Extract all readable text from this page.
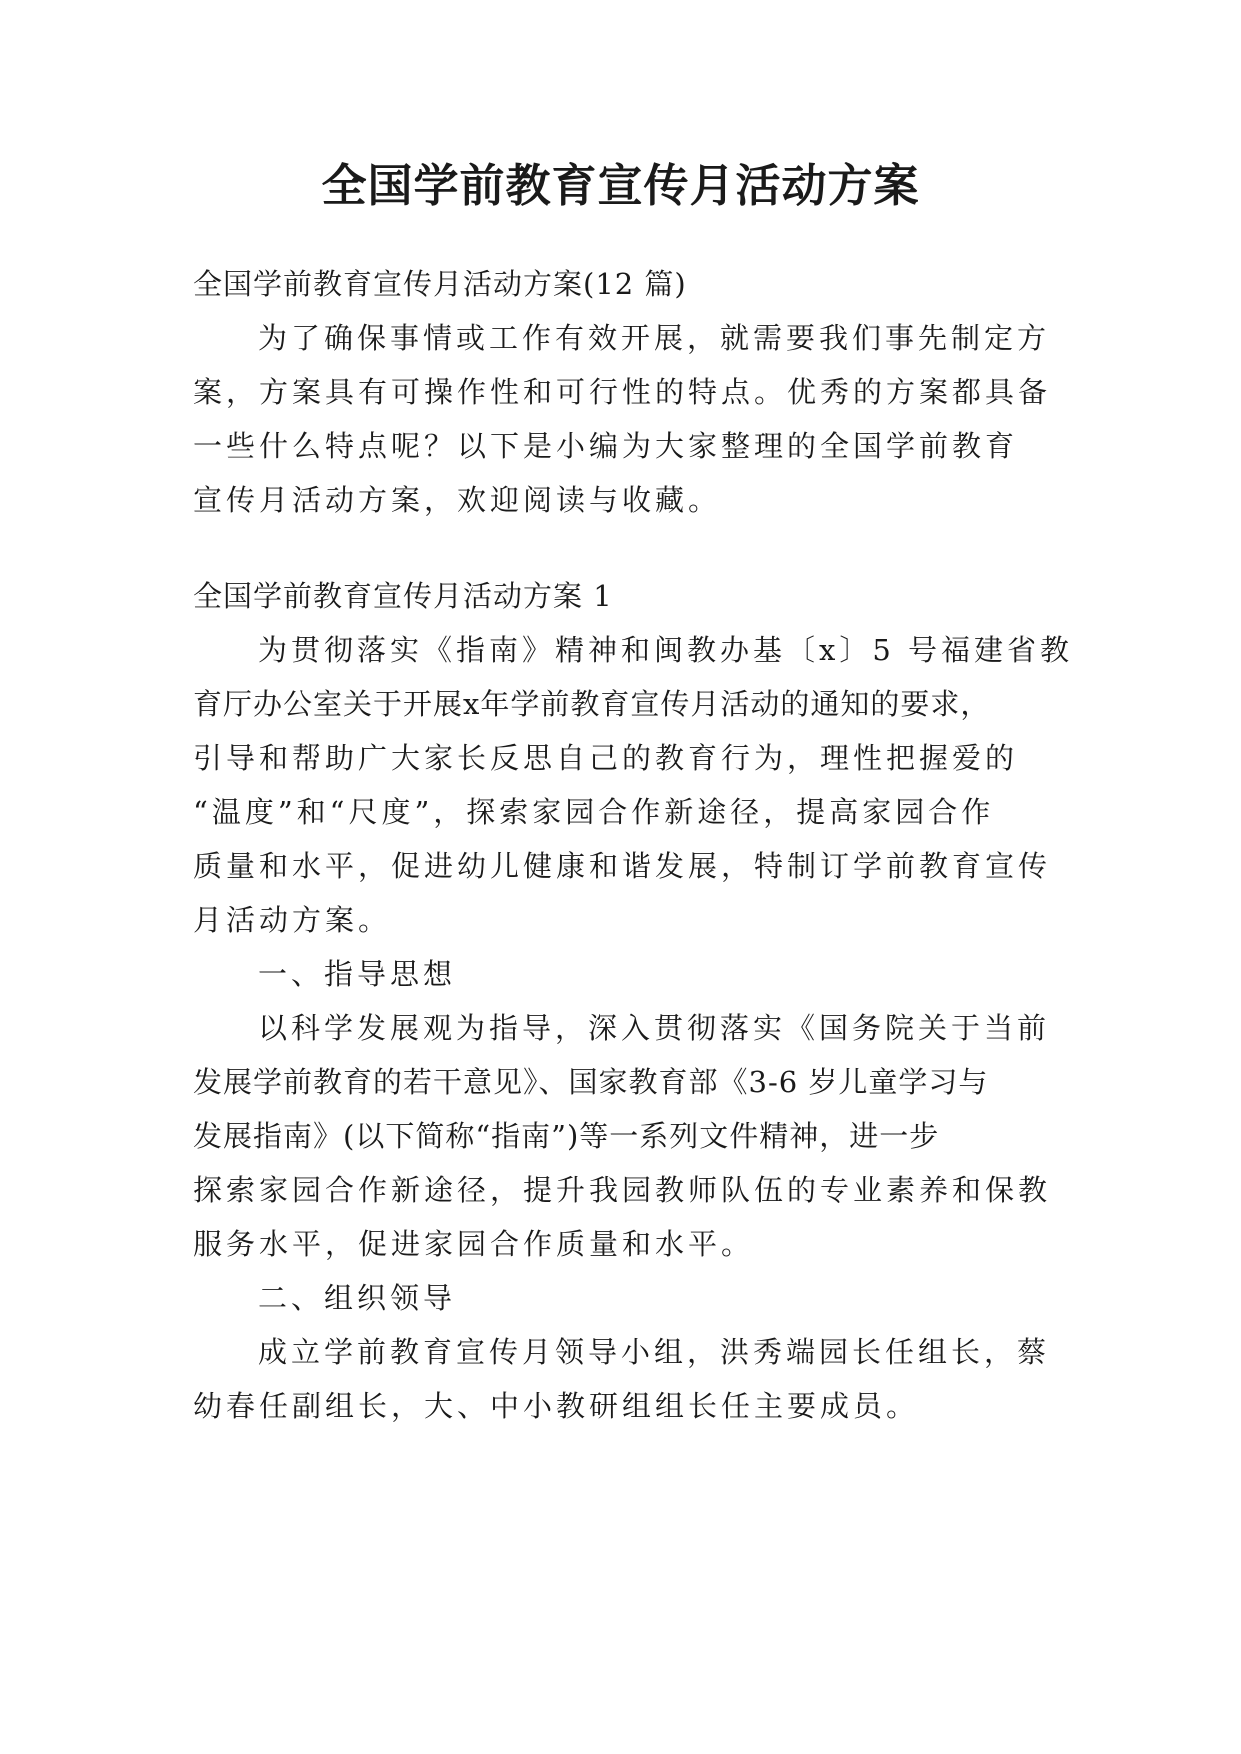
全国学前教育宣传月活动方案
全国学前教育宣传月活动方案(12 篇)
为了确保事情或工作有效开展，就需要我们事先制定方
案，方案具有可操作性和可行性的特点。优秀的方案都具备
一些什么特点呢？以下是小编为大家整理的全国学前教育
宣传月活动方案，欢迎阅读与收藏。
全国学前教育宣传月活动方案 1
为贯彻落实《指南》精神和闽教办基〔x〕5 号福建省教
育厅办公室关于开展x年学前教育宣传月活动的通知的要求，
引导和帮助广大家长反思自己的教育行为，理性把握爱的
“温度”和“尺度”，探索家园合作新途径，提高家园合作
质量和水平，促进幼儿健康和谐发展，特制订学前教育宣传
月活动方案。
一、指导思想
以科学发展观为指导，深入贯彻落实《国务院关于当前
发展学前教育的若干意见》、国家教育部《3-6 岁儿童学习与
发展指南》(以下简称“指南”)等一系列文件精神，进一步
探索家园合作新途径，提升我园教师队伍的专业素养和保教
服务水平，促进家园合作质量和水平。
二、组织领导
成立学前教育宣传月领导小组，洪秀端园长任组长，蔡
幼春任副组长，大、中小教研组组长任主要成员。
